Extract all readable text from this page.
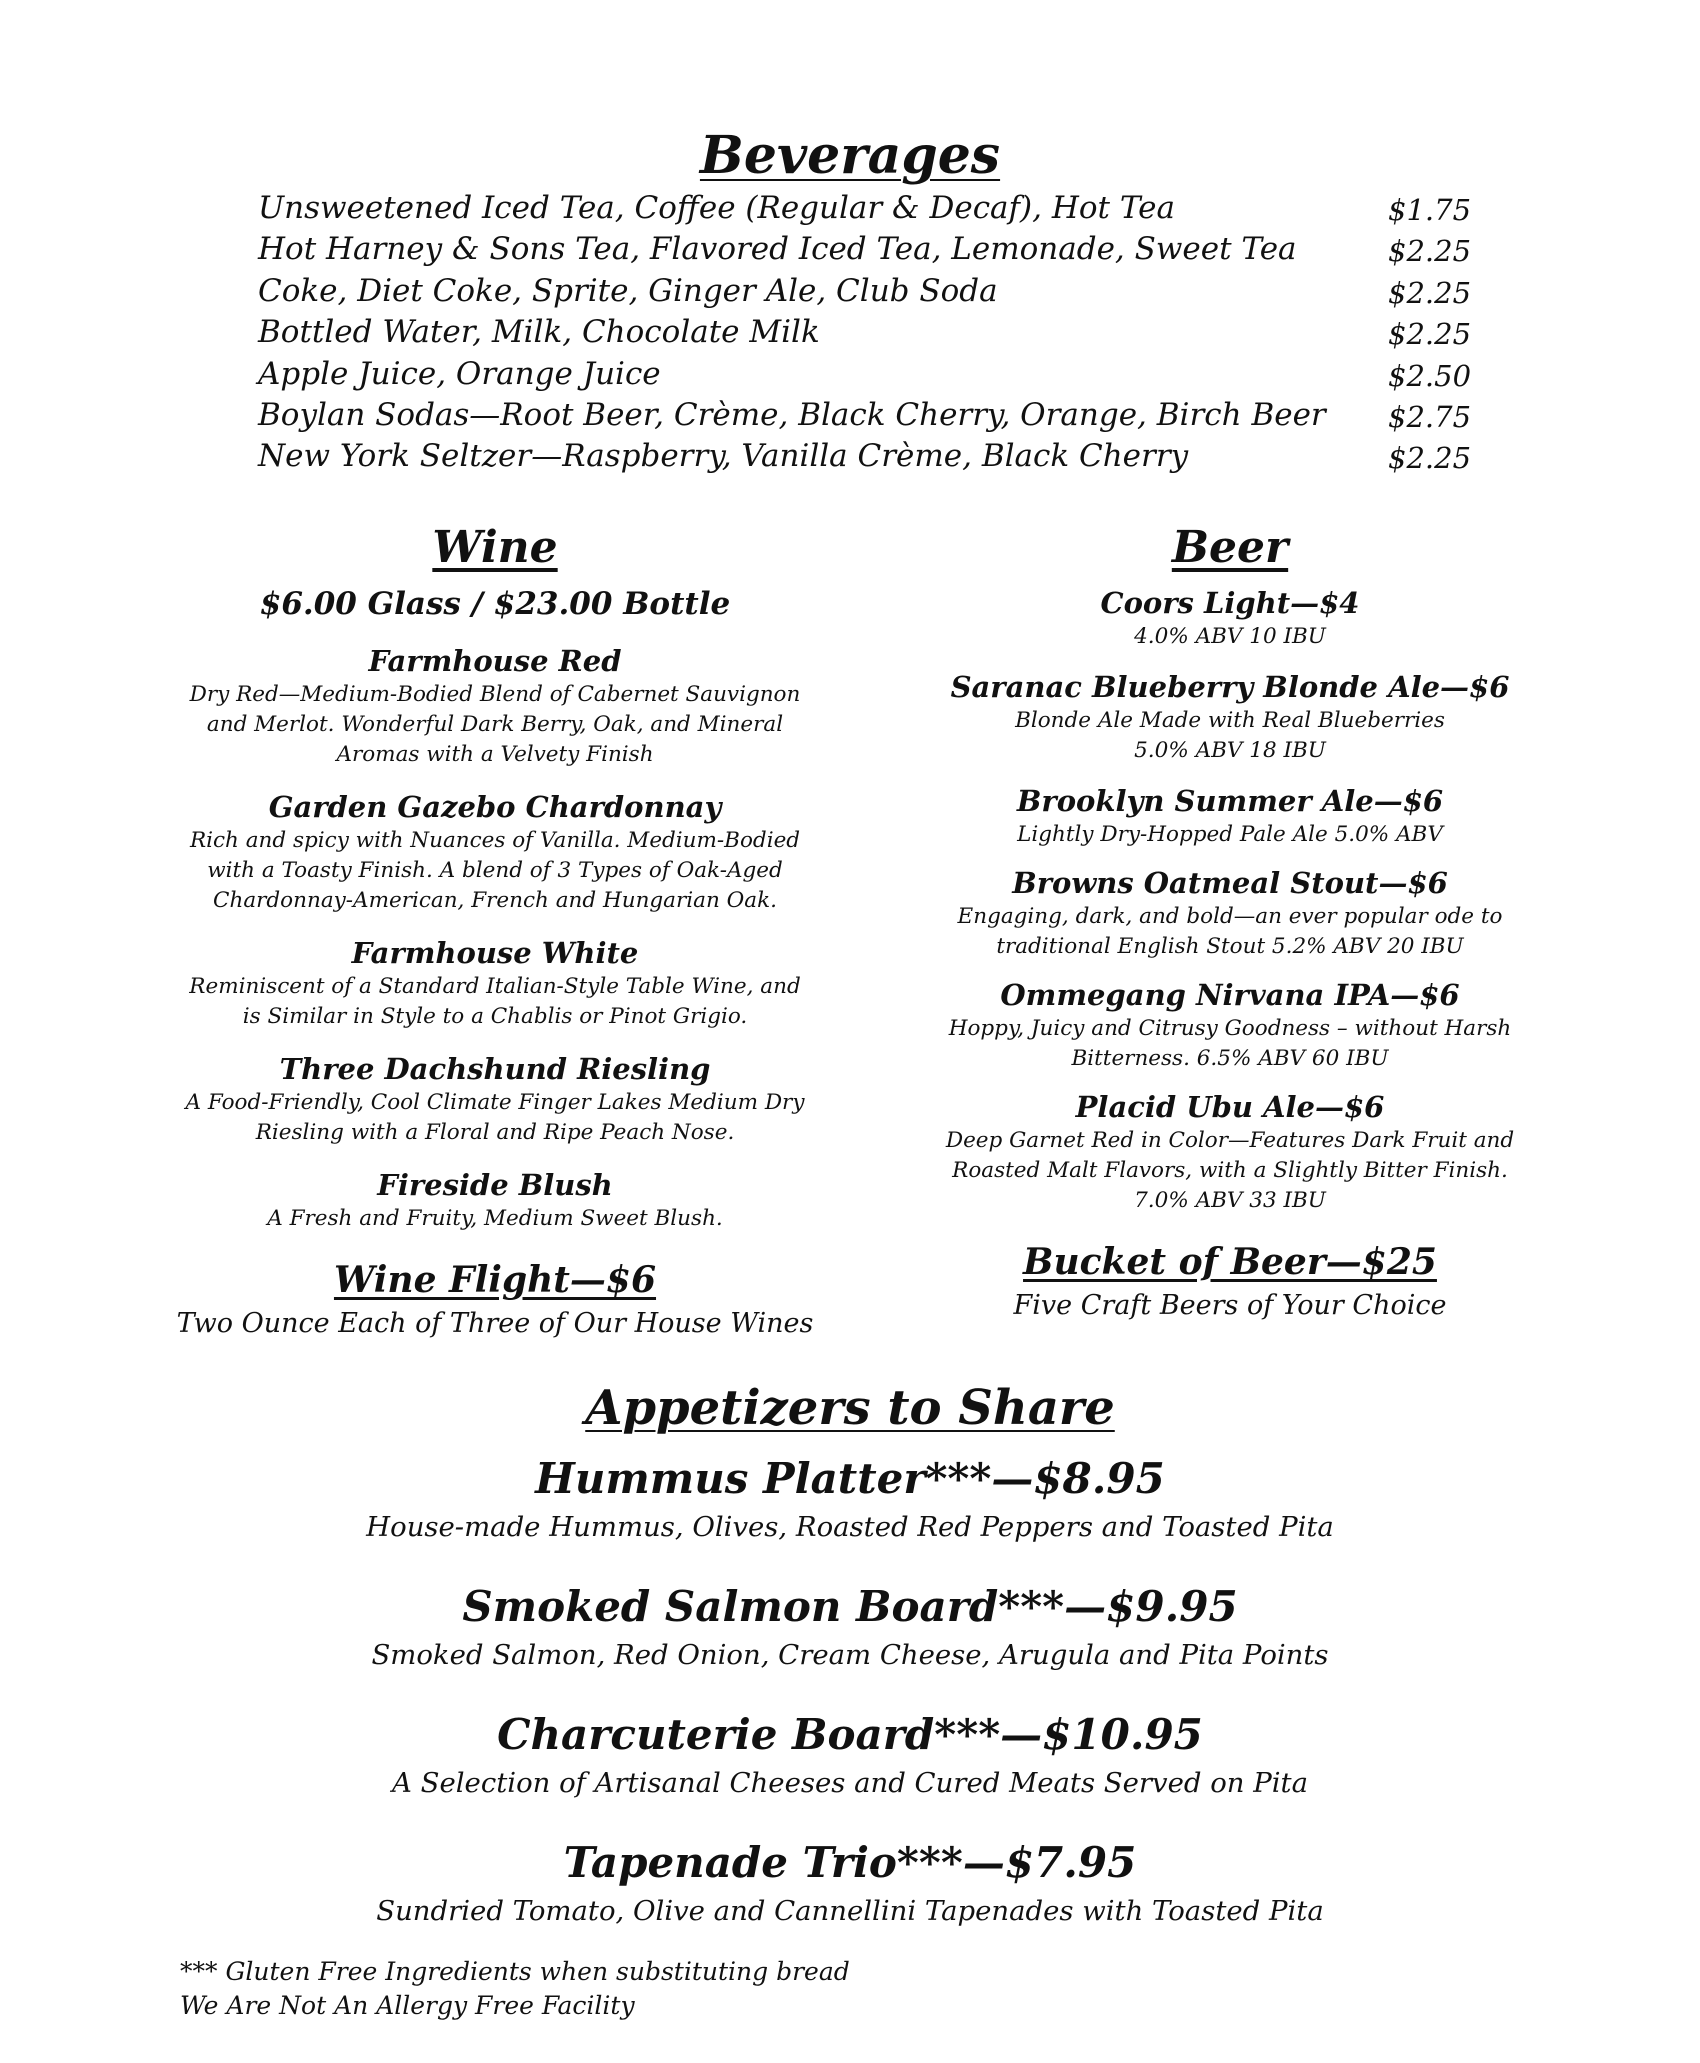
Beverages
Unsweetened Iced Tea, Coffee (Regular & Decaf), Hot Tea	$1.75
Hot Harney & Sons Tea, Flavored Iced Tea, Lemonade, Sweet Tea	$2.25
Coke, Diet Coke, Sprite, Ginger Ale, Club Soda	$2.25
Bottled Water, Milk, Chocolate Milk	$2.25
Apple Juice, Orange Juice	$2.50
Boylan Sodas—Root Beer, Crème, Black Cherry, Orange, Birch Beer $2.75
New York Seltzer—Raspberry, Vanilla Crème, Black Cherry	$2.25
Wine
$6.00 Glass / $23.00 Bottle
Farmhouse Red
Dry Red—Medium-Bodied Blend of Cabernet Sauvignon
and Merlot. Wonderful Dark Berry, Oak, and Mineral
Aromas with a Velvety Finish
Garden Gazebo Chardonnay
Rich and spicy with Nuances of Vanilla. Medium-Bodied
with a Toasty Finish. A blend of 3 Types of Oak-Aged
Chardonnay-American, French and Hungarian Oak.
Farmhouse White
Reminiscent of a Standard Italian-Style Table Wine, and
is Similar in Style to a Chablis or Pinot Grigio.
Three Dachshund Riesling
A Food-Friendly, Cool Climate Finger Lakes Medium Dry
Riesling with a Floral and Ripe Peach Nose.
Fireside Blush
A Fresh and Fruity, Medium Sweet Blush.
Wine Flight—$6
Two Ounce Each of Three of Our House Wines
Beer
Coors Light—$4
4.0% ABV 10 IBU
Saranac Blueberry Blonde Ale—$6
Blonde Ale Made with Real Blueberries
5.0% ABV 18 IBU
Brooklyn Summer Ale—$6
Lightly Dry-Hopped Pale Ale 5.0% ABV
Browns Oatmeal Stout—$6
Engaging, dark, and bold—an ever popular ode to
traditional English Stout 5.2% ABV 20 IBU
Ommegang Nirvana IPA—$6
Hoppy, Juicy and Citrusy Goodness – without Harsh
Bitterness. 6.5% ABV 60 IBU
Placid Ubu Ale—$6
Deep Garnet Red in Color—Features Dark Fruit and
Roasted Malt Flavors, with a Slightly Bitter Finish.
7.0% ABV 33 IBU
Bucket of Beer—$25
Five Craft Beers of Your Choice
Appetizers to Share
Hummus Platter***—$8.95
House-made Hummus, Olives, Roasted Red Peppers and Toasted Pita
Smoked Salmon Board***—$9.95
Smoked Salmon, Red Onion, Cream Cheese, Arugula and Pita Points
Charcuterie Board***—$10.95
A Selection of Artisanal Cheeses and Cured Meats Served on Pita
Tapenade Trio***—$7.95
Sundried Tomato, Olive and Cannellini Tapenades with Toasted Pita
*** Gluten Free Ingredients when substituting bread
We Are Not An Allergy Free Facility
